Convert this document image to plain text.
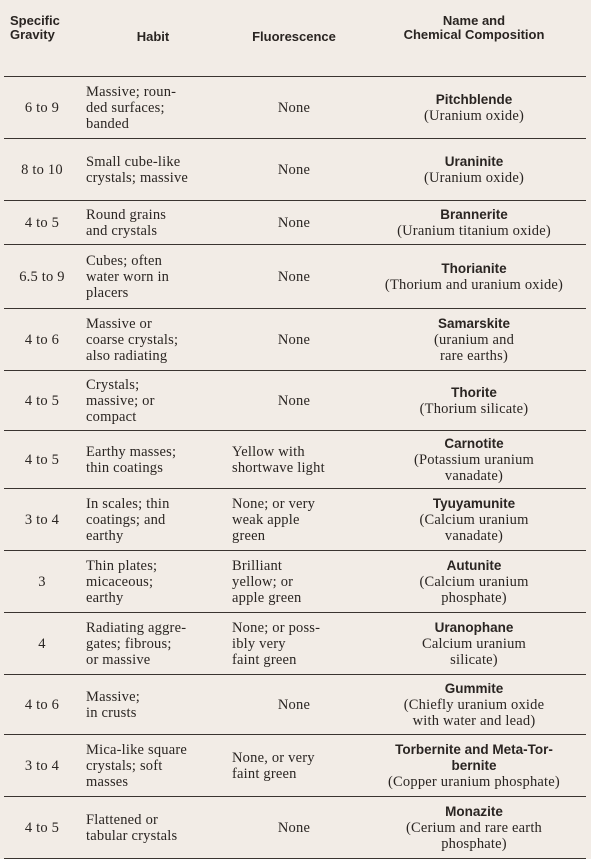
Specific
Gravity	Habit	Fluorescence	Name and
Chemical Composition

6 to 9	Massive; roun-
ded surfaces;
banded	None	Pitchblende
(Uranium oxide)

8 to 10	Small cube-like
crystals; massive	None	Uraninite
(Uranium oxide)

4 to 5	Round grains
and crystals	None	Brannerite
(Uranium titanium oxide)

6.5 to 9	Cubes; often
water worn in
placers	None	Thorianite
(Thorium and uranium oxide)

4 to 6	Massive or
coarse crystals;
also radiating	None	Samarskite
(uranium and
rare earths)

4 to 5	Crystals;
massive; or
compact	None	Thorite
(Thorium silicate)

4 to 5	Earthy masses;
thin coatings	Yellow with
shortwave light	Carnotite
(Potassium uranium
vanadate)

3 to 4	In scales; thin
coatings; and
earthy	None; or very
weak apple
green	Tyuyamunite
(Calcium uranium
vanadate)

3	Thin plates;
micaceous;
earthy	Brilliant
yellow; or
apple green	Autunite
(Calcium uranium
phosphate)

4	Radiating aggre-
gates; fibrous;
or massive	None; or poss-
ibly very
faint green	Uranophane
Calcium uranium
silicate)

4 to 6	Massive;
in crusts	None	Gummite
(Chiefly uranium oxide
with water and lead)

3 to 4	Mica-like square
crystals; soft
masses	None, or very
faint green	Torbernite and Meta-Tor-
bernite
(Copper uranium phosphate)

4 to 5	Flattened or
tabular crystals	None	Monazite
(Cerium and rare earth
phosphate)
